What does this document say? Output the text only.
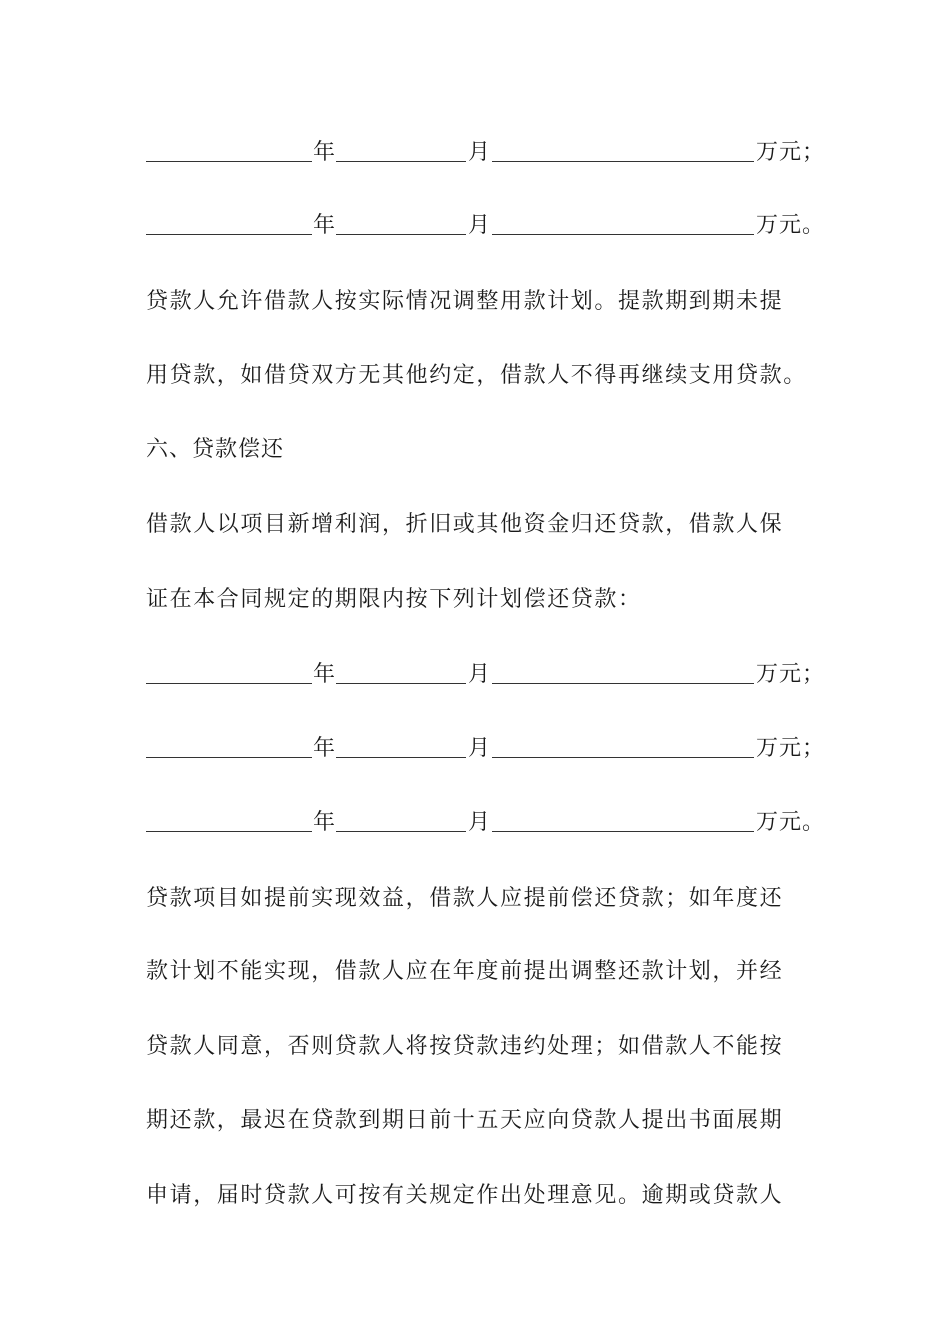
年	月	万元；
年	月	万元。
贷款人允许借款人按实际情况调整用款计划。提款期到期未提
用贷款，如借贷双方无其他约定，借款人不得再继续支用贷款。
六、贷款偿还
借款人以项目新增利润，折旧或其他资金归还贷款，借款人保
证在本合同规定的期限内按下列计划偿还贷款：
年	月	万元；
年	月	万元；
年	月	万元。
贷款项目如提前实现效益，借款人应提前偿还贷款；如年度还
款计划不能实现，借款人应在年度前提出调整还款计划，并经
贷款人同意，否则贷款人将按贷款违约处理；如借款人不能按
期还款，最迟在贷款到期日前十五天应向贷款人提出书面展期
申请，届时贷款人可按有关规定作出处理意见。逾期或贷款人
